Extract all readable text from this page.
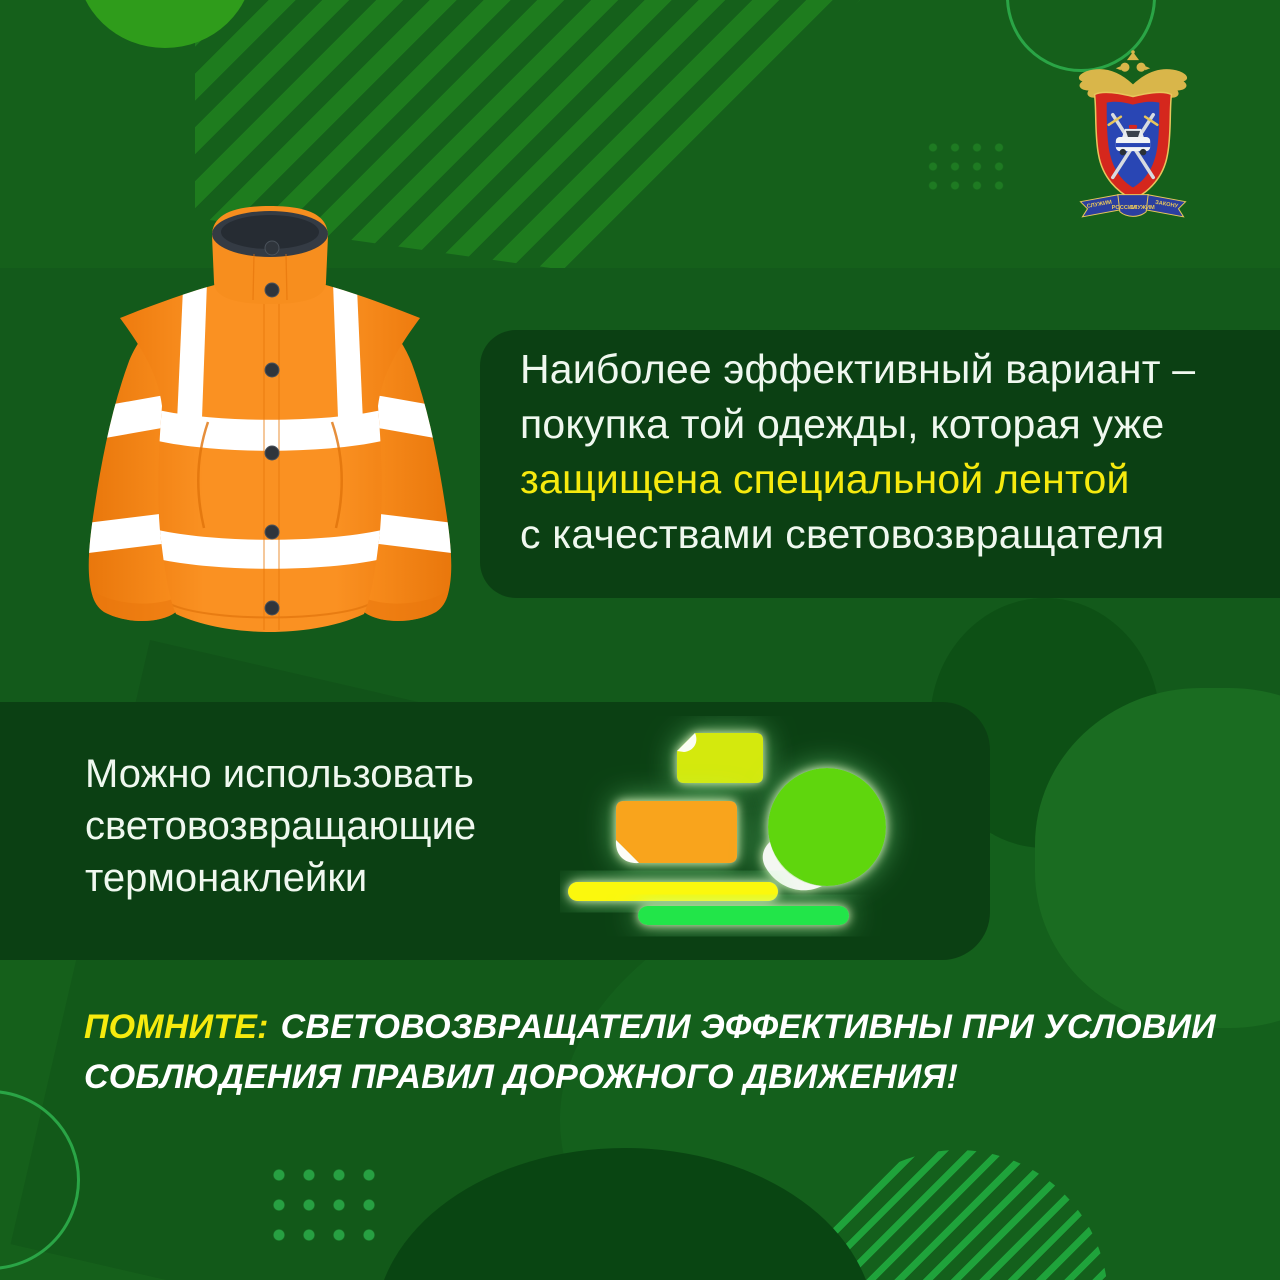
СЛУЖИМ РОССИИ
СЛУЖИМ ЗАКОНУ
Наиболее эффективный вариант –
покупка той одежды, которая уже
защищена специальной лентой
с качествами световозвращателя
Можно использовать
световозвращающие
термонаклейки
ПОМНИТЕ: СВЕТОВОЗВРАЩАТЕЛИ ЭФФЕКТИВНЫ ПРИ УСЛОВИИ
СОБЛЮДЕНИЯ ПРАВИЛ ДОРОЖНОГО ДВИЖЕНИЯ!
